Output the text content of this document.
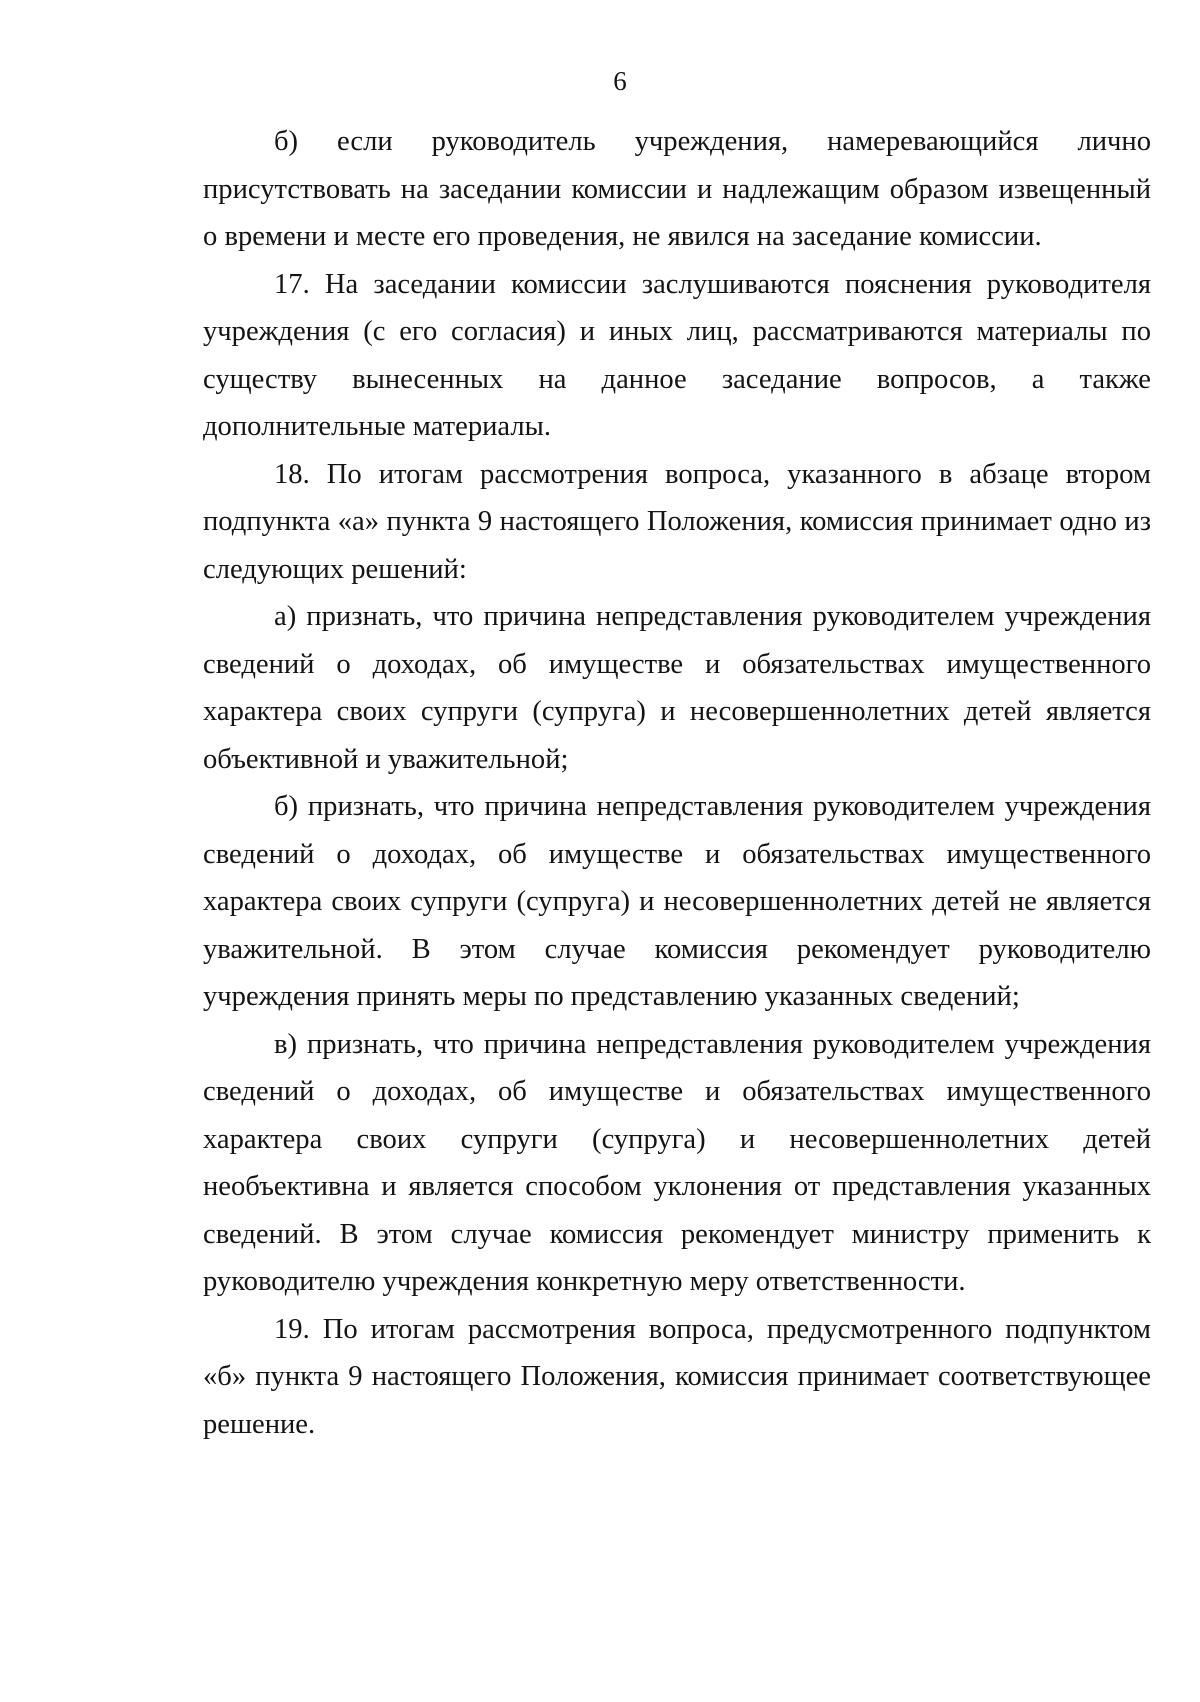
6

б) если руководитель учреждения, намеревающийся лично присутствовать на заседании комиссии и надлежащим образом извещенный о времени и месте его проведения, не явился на заседание комиссии.

17. На заседании комиссии заслушиваются пояснения руководителя учреждения (с его согласия) и иных лиц, рассматриваются материалы по существу вынесенных на данное заседание вопросов, а также дополнительные материалы.

18. По итогам рассмотрения вопроса, указанного в абзаце втором подпункта «а» пункта 9 настоящего Положения, комиссия принимает одно из следующих решений:

а) признать, что причина непредставления руководителем учреждения сведений о доходах, об имуществе и обязательствах имущественного характера своих супруги (супруга) и несовершеннолетних детей является объективной и уважительной;

б) признать, что причина непредставления руководителем учреждения сведений о доходах, об имуществе и обязательствах имущественного характера своих супруги (супруга) и несовершеннолетних детей не является уважительной. В этом случае комиссия рекомендует руководителю учреждения принять меры по представлению указанных сведений;

в) признать, что причина непредставления руководителем учреждения сведений о доходах, об имуществе и обязательствах имущественного характера своих супруги (супруга) и несовершеннолетних детей необъективна и является способом уклонения от представления указанных сведений. В этом случае комиссия рекомендует министру применить к руководителю учреждения конкретную меру ответственности.

19. По итогам рассмотрения вопроса, предусмотренного подпунктом «б» пункта 9 настоящего Положения, комиссия принимает соответствующее решение.
